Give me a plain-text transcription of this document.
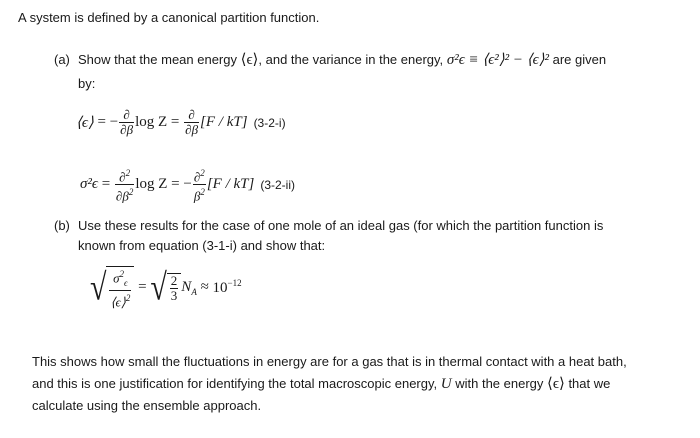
A system is defined by a canonical partition function.
(a) Show that the mean energy ⟨ϵ⟩, and the variance in the energy, σ²ϵ ≡ ⟨ϵ²⟩² − ⟨ϵ⟩² are given
by:
⟨ϵ⟩ = − $\frac{\partial}{\partial\beta}$ $\log Z = \frac{\partial}{\partial\beta} [F / kT]$ (3-2-i)
$\sigma^2\epsilon = \frac{\partial^2}{\partial\beta^2}$ log Z = − $\frac{\partial^2}{\beta^2} [F / kT]$ (3-2-ii)
(b) Use these results for the case of one mole of an ideal gas (for which the partition function is
known from equation (3-1-i) and show that:
√ $\frac{\sigma^2_\epsilon}{⟨\epsilon⟩^2}$ = √ $\frac{2}{3} N_A \approx 10^{-12}$
This shows how small the fluctuations in energy are for a gas that is in thermal contact with a heat bath,
and this is one justification for identifying the total macroscopic energy, U with the energy ⟨ϵ⟩ that we
calculate using the ensemble approach.
